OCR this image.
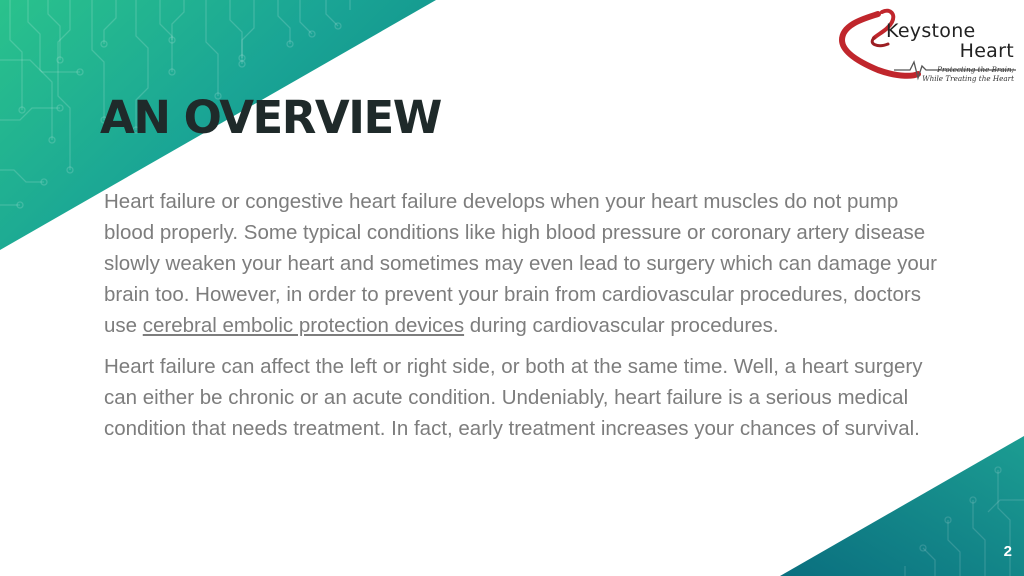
Keystone
Heart
Protecting the Brain;
While Treating the Heart
AN OVERVIEW

Heart failure or congestive heart failure develops when your heart muscles do not pump blood properly. Some typical conditions like high blood pressure or coronary artery disease slowly weaken your heart and sometimes may even lead to surgery which can damage your brain too. However, in order to prevent your brain from cardiovascular procedures, doctors use cerebral embolic protection devices during cardiovascular procedures.

Heart failure can affect the left or right side, or both at the same time. Well, a heart surgery can either be chronic or an acute condition. Undeniably, heart failure is a serious medical condition that needs treatment. In fact, early treatment increases your chances of survival.

2
